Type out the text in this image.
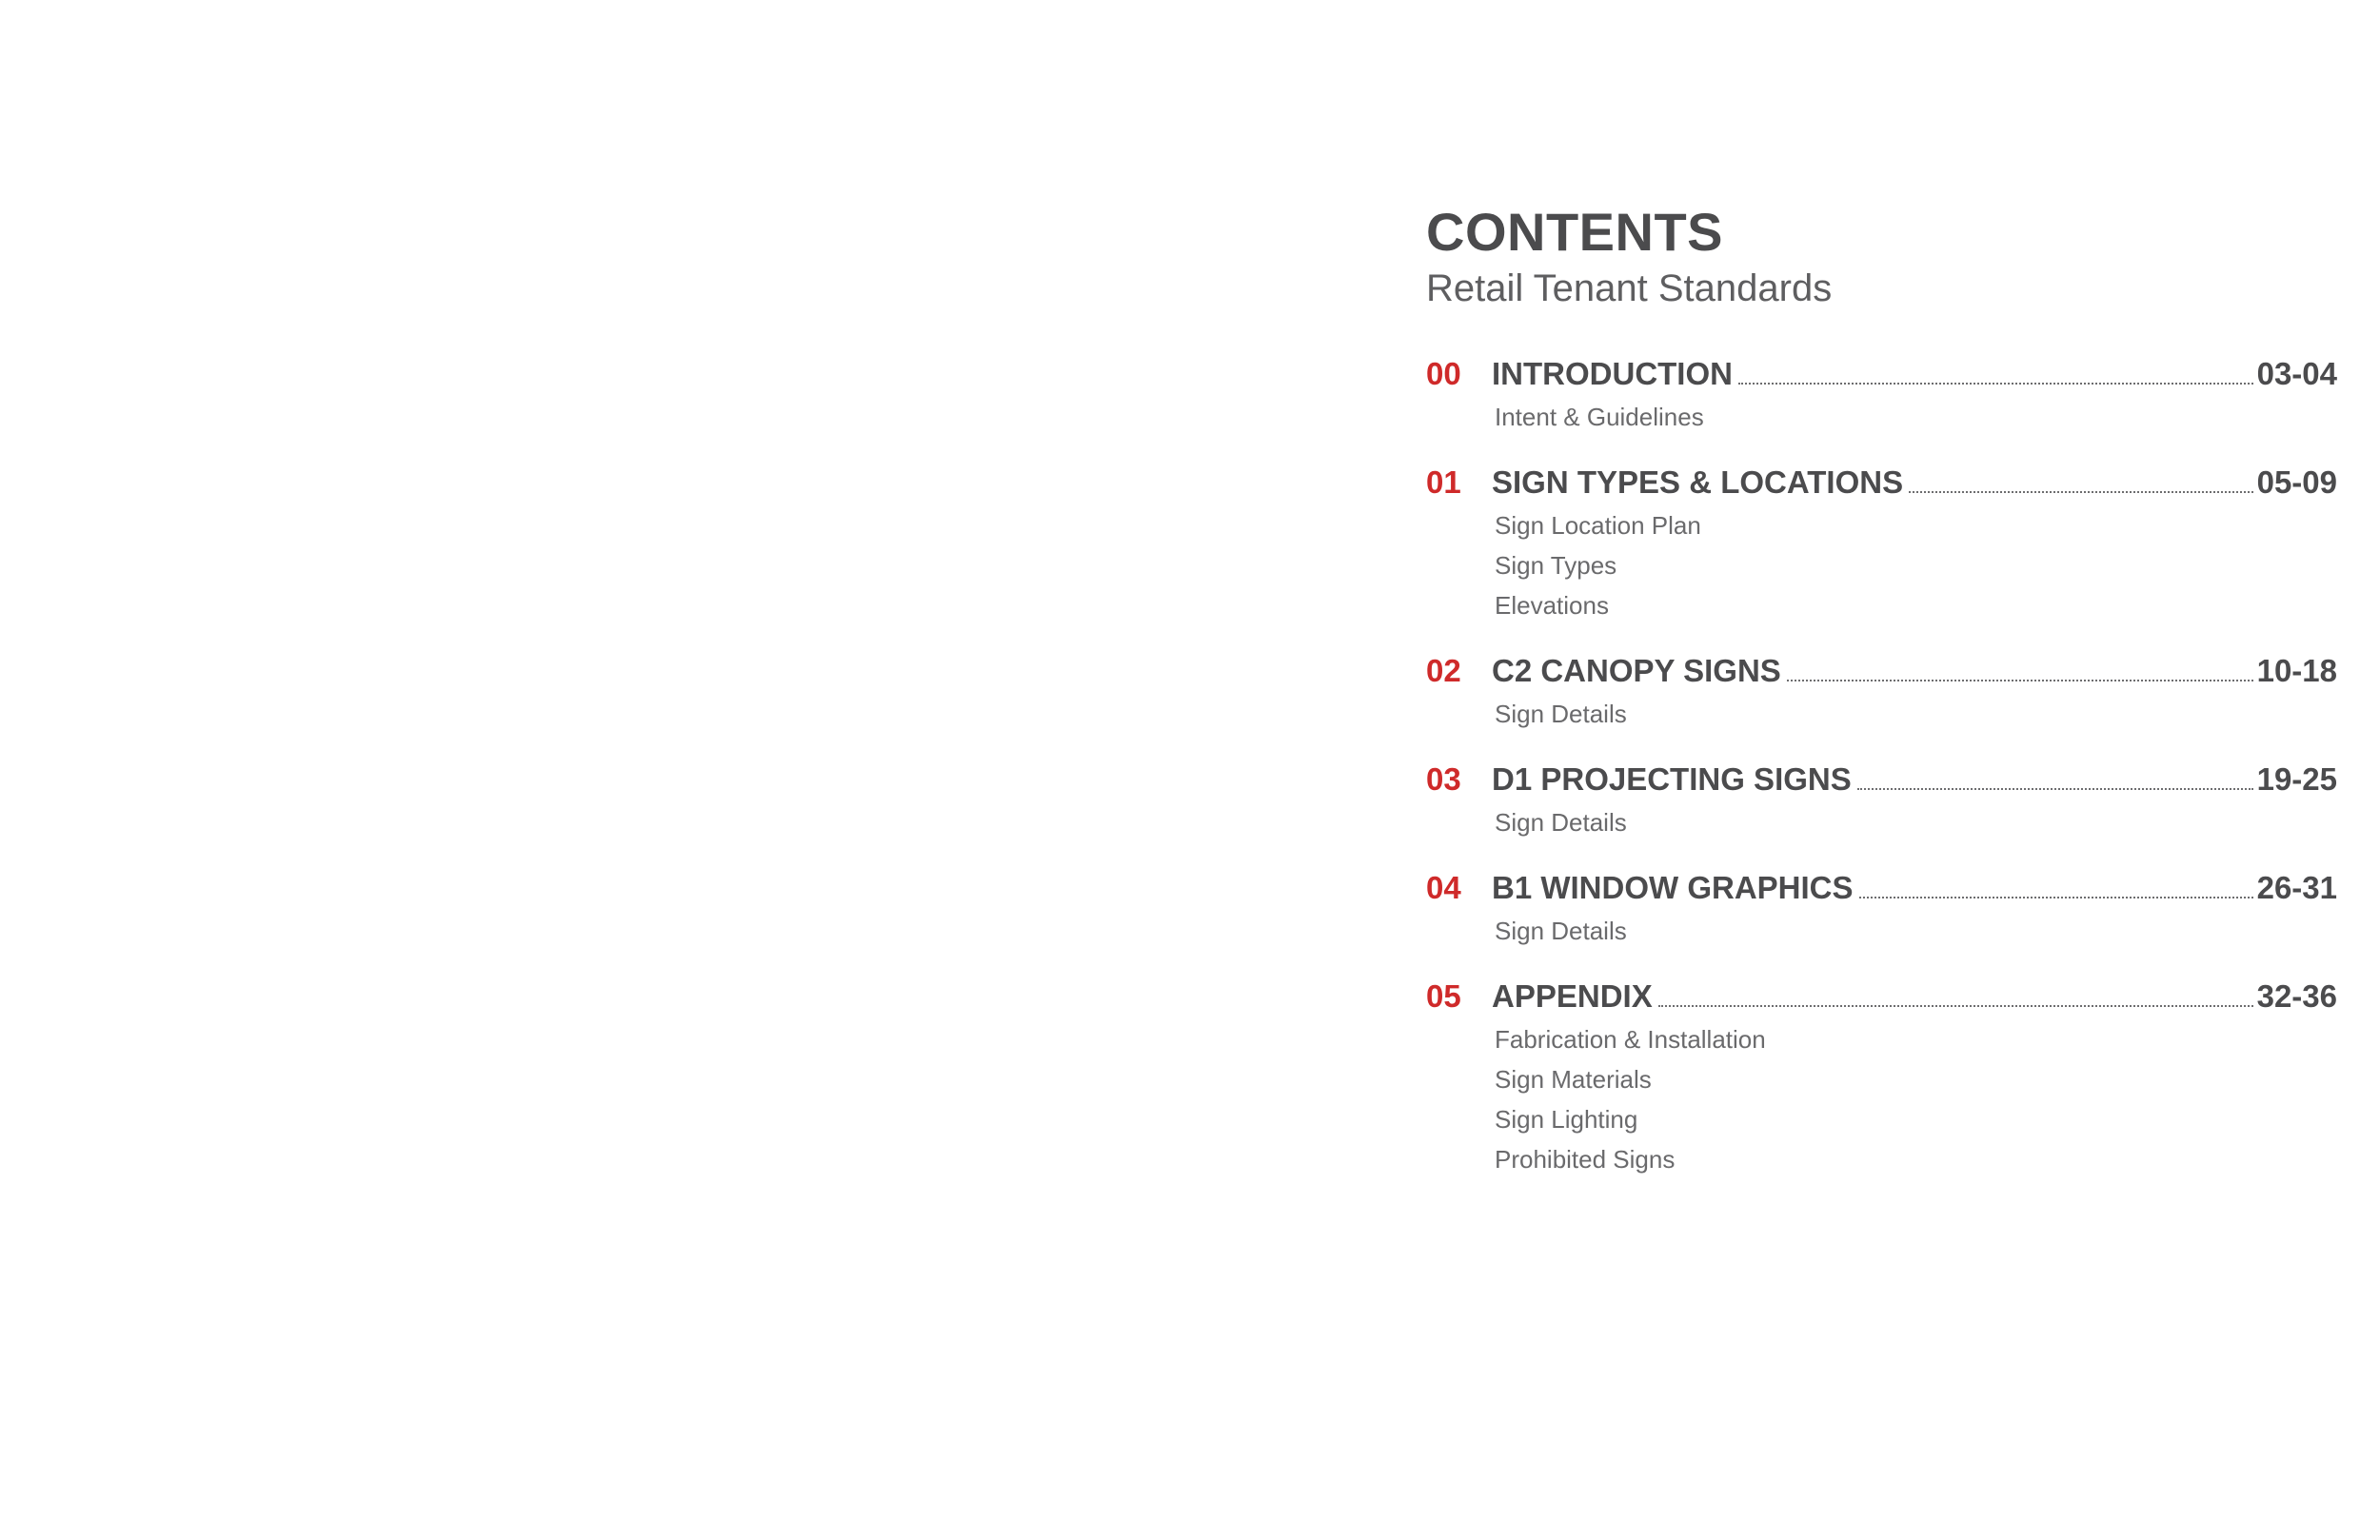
CONTENTS
Retail Tenant Standards
00 INTRODUCTION	03-04
Intent & Guidelines
01 SIGN TYPES & LOCATIONS	05-09
Sign Location Plan
Sign Types
Elevations
02 C2 CANOPY SIGNS	10-18
Sign Details
03 D1 PROJECTING SIGNS	19-25
Sign Details
04 B1 WINDOW GRAPHICS	26-31
Sign Details
05 APPENDIX	32-36
Fabrication & Installation
Sign Materials
Sign Lighting
Prohibited Signs
